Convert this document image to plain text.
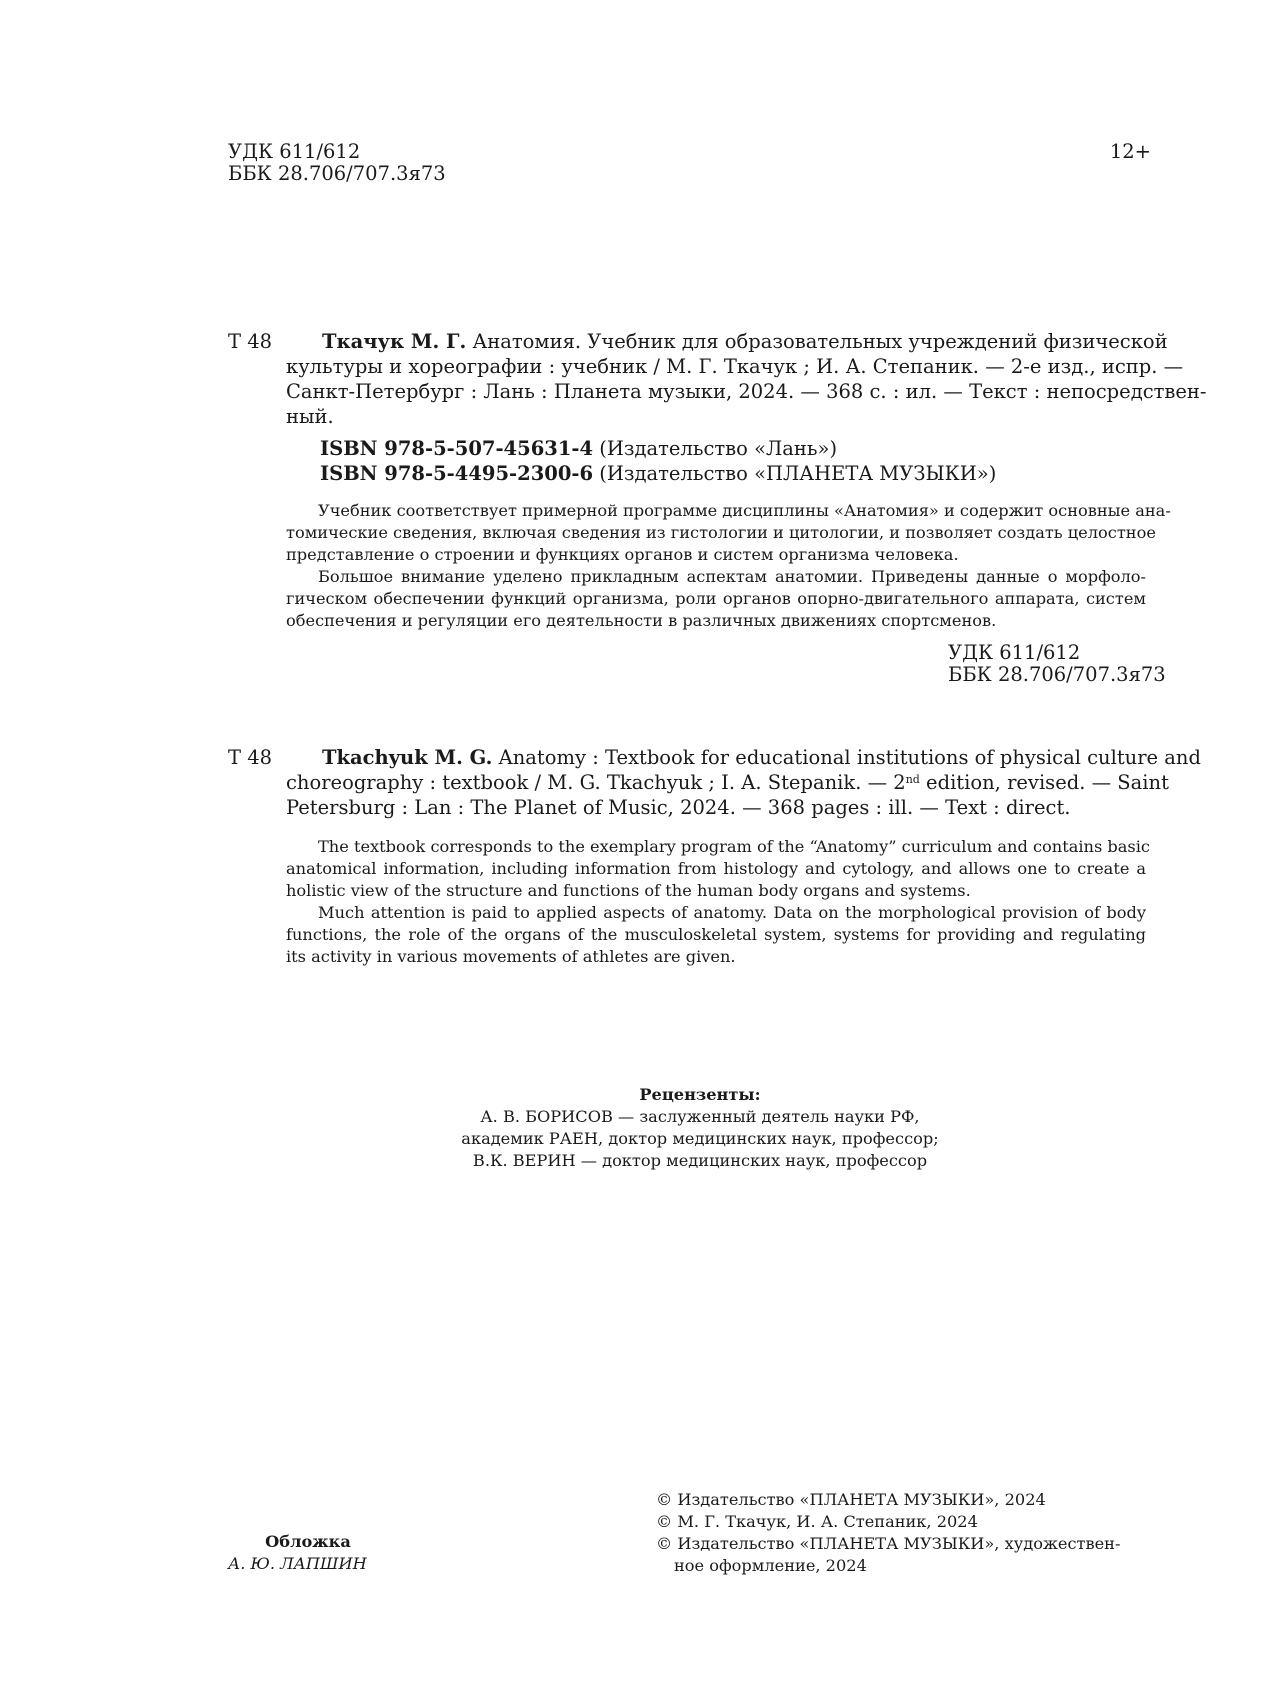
УДК 611/612
ББК 28.706/707.3я73
12+
Т 48	Ткачук М. Г. Анатомия. Учебник для образовательных учреждений физической
культуры и хореографии : учебник / М. Г. Ткачук ; И. А. Степаник. — 2-е изд., испр. —
Санкт-Петербург : Лань : Планета музыки, 2024. — 368 с. : ил. — Текст : непосредствен-
ный.
ISBN 978-5-507-45631-4 (Издательство «Лань»)
ISBN 978-5-4495-2300-6 (Издательство «ПЛАНЕТА МУЗЫКИ»)
Учебник соответствует примерной программе дисциплины «Анатомия» и содержит основные ана-
томические сведения, включая сведения из гистологии и цитологии, и позволяет создать целостное
представление о строении и функциях органов и систем организма человека.
Большое внимание уделено прикладным аспектам анатомии. Приведены данные о морфоло-
гическом обеспечении функций организма, роли органов опорно-двигательного аппарата, систем
обеспечения и регуляции его деятельности в различных движениях спортсменов.
УДК 611/612
ББК 28.706/707.3я73
T 48	Tkachyuk M. G. Anatomy : Textbook for educational institutions of physical culture and
choreography : textbook / M. G. Tkachyuk ; I. A. Stepanik. — 2nd edition, revised. — Saint
Petersburg : Lan : The Planet of Music, 2024. — 368 pages : ill. — Text : direct.
The textbook corresponds to the exemplary program of the “Anatomy” curriculum and contains basic
anatomical information, including information from histology and cytology, and allows one to create a
holistic view of the structure and functions of the human body organs and systems.
Much attention is paid to applied aspects of anatomy. Data on the morphological provision of body
functions, the role of the organs of the musculoskeletal system, systems for providing and regulating
its activity in various movements of athletes are given.
Рецензенты:
А. В. БОРИСОВ — заслуженный деятель науки РФ,
академик РАЕН, доктор медицинских наук, профессор;
В.К. ВЕРИН — доктор медицинских наук, профессор
© Издательство «ПЛАНЕТА МУЗЫКИ», 2024
© М. Г. Ткачук, И. А. Степаник, 2024
© Издательство «ПЛАНЕТА МУЗЫКИ», художествен-
ное оформление, 2024
Обложка
А. Ю. ЛАПШИН
